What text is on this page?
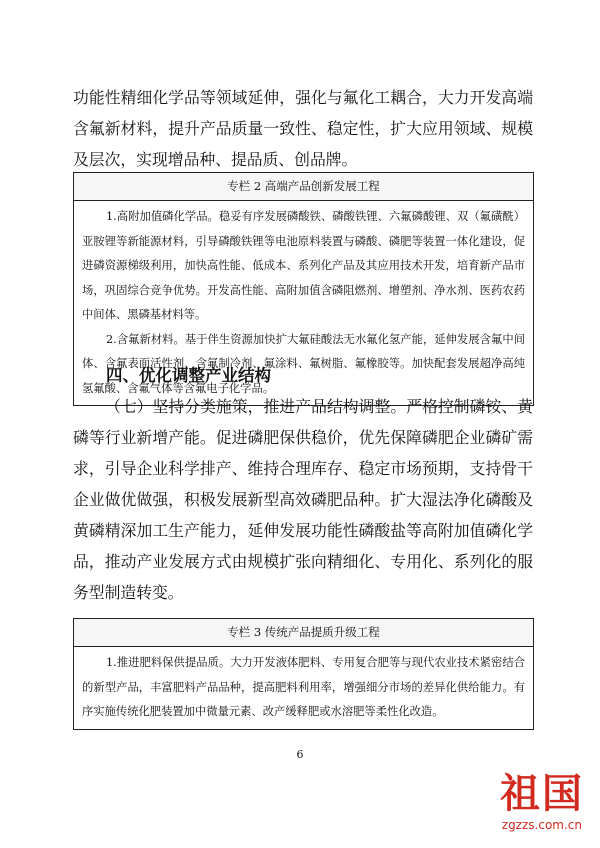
功能性精细化学品等领域延伸，强化与氟化工耦合，大力开发高端含氟新材料，提升产品质量一致性、稳定性，扩大应用领域、规模及层次，实现增品种、提品质、创品牌。

专栏 2 高端产品创新发展工程

1.高附加值磷化学品。稳妥有序发展磷酸铁、磷酸铁锂、六氟磷酸锂、双（氟磺酰）亚胺锂等新能源材料，引导磷酸铁锂等电池原料装置与磷酸、磷肥等装置一体化建设，促进磷资源梯级利用，加快高性能、低成本、系列化产品及其应用技术开发，培育新产品市场，巩固综合竞争优势。开发高性能、高附加值含磷阻燃剂、增塑剂、净水剂、医药农药中间体、黑磷基材料等。

2.含氟新材料。基于伴生资源加快扩大氟硅酸法无水氟化氢产能，延伸发展含氟中间体、含氟表面活性剂、含氟制冷剂、氟涂料、氟树脂、氟橡胶等。加快配套发展超净高纯氢氟酸、含氟气体等含氟电子化学品。

四、优化调整产业结构

（七）坚持分类施策，推进产品结构调整。严格控制磷铵、黄磷等行业新增产能。促进磷肥保供稳价，优先保障磷肥企业磷矿需求，引导企业科学排产、维持合理库存、稳定市场预期，支持骨干企业做优做强，积极发展新型高效磷肥品种。扩大湿法净化磷酸及黄磷精深加工生产能力，延伸发展功能性磷酸盐等高附加值磷化学品，推动产业发展方式由规模扩张向精细化、专用化、系列化的服务型制造转变。

专栏 3 传统产品提质升级工程

1.推进肥料保供提品质。大力开发液体肥料、专用复合肥等与现代农业技术紧密结合的新型产品，丰富肥料产品品种，提高肥料利用率，增强细分市场的差异化供给能力。有序实施传统化肥装置加中微量元素、改产缓释肥或水溶肥等柔性化改造。

6
祖国
zgzzs.com.cn
